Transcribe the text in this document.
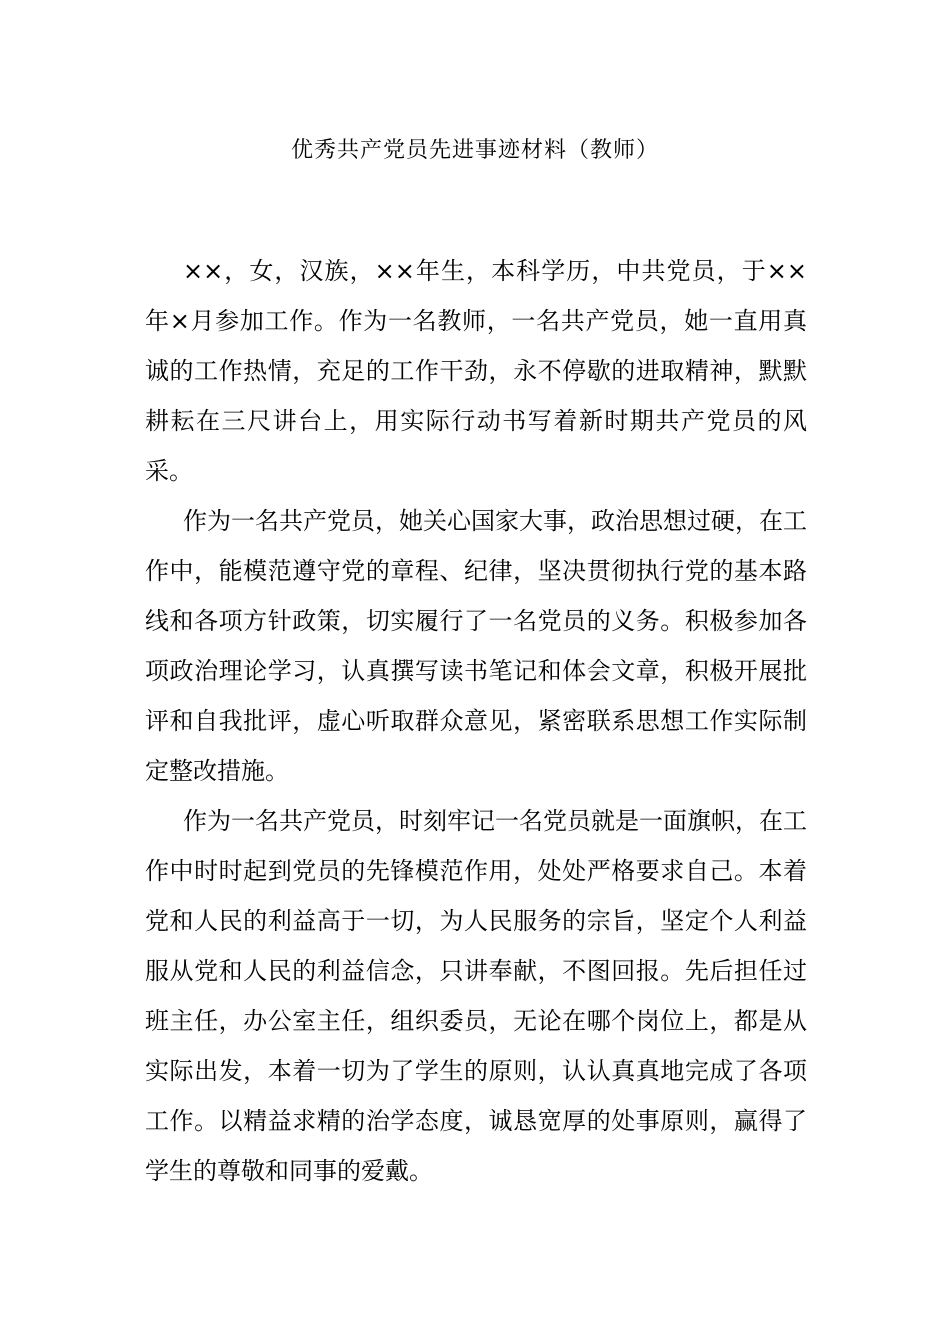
优秀共产党员先进事迹材料（教师）

××，女，汉族，××年生，本科学历，中共党员，于××年×月参加工作。作为一名教师，一名共产党员，她一直用真诚的工作热情，充足的工作干劲，永不停歇的进取精神，默默耕耘在三尺讲台上，用实际行动书写着新时期共产党员的风采。

作为一名共产党员，她关心国家大事，政治思想过硬，在工作中，能模范遵守党的章程、纪律，坚决贯彻执行党的基本路线和各项方针政策，切实履行了一名党员的义务。积极参加各项政治理论学习，认真撰写读书笔记和体会文章，积极开展批评和自我批评，虚心听取群众意见，紧密联系思想工作实际制定整改措施。

作为一名共产党员，时刻牢记一名党员就是一面旗帜，在工作中时时起到党员的先锋模范作用，处处严格要求自己。本着党和人民的利益高于一切，为人民服务的宗旨，坚定个人利益服从党和人民的利益信念，只讲奉献，不图回报。先后担任过班主任，办公室主任，组织委员，无论在哪个岗位上，都是从实际出发，本着一切为了学生的原则，认认真真地完成了各项工作。以精益求精的治学态度，诚恳宽厚的处事原则，赢得了学生的尊敬和同事的爱戴。
